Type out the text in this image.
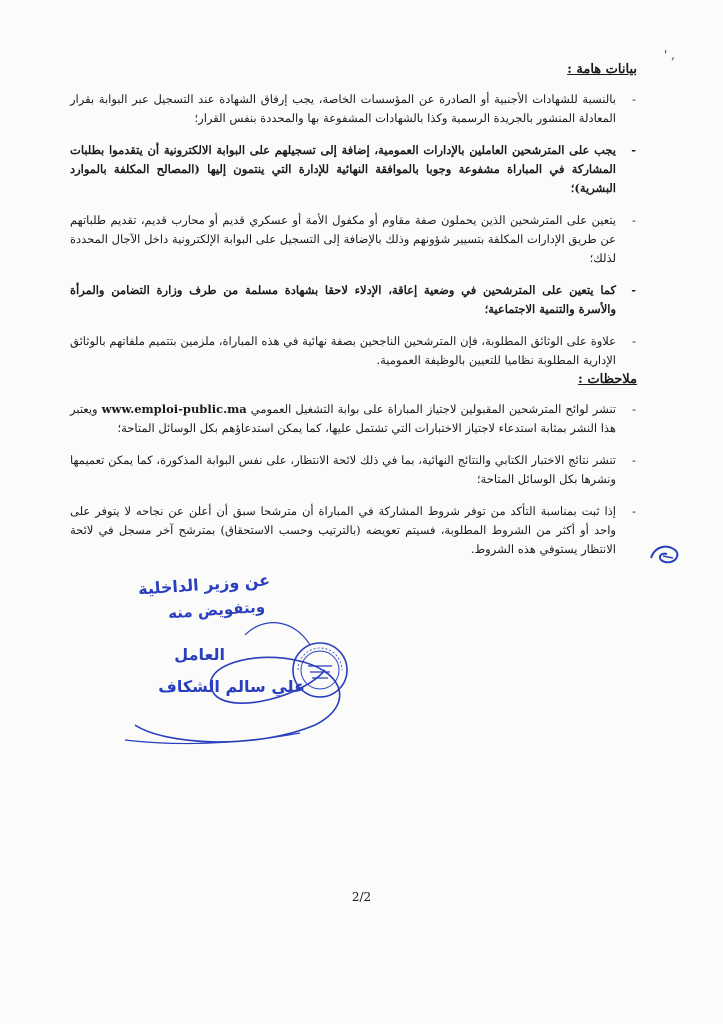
' ,
بيانات هامة :
- بالنسبة للشهادات الأجنبية أو الصادرة عن المؤسسات الخاصة، يجب إرفاق الشهادة عند التسجيل عبر البوابة بقرار المعادلة المنشور بالجريدة الرسمية وكذا بالشهادات المشفوعة بها والمحددة بنفس القرار؛
- يجب على المترشحين العاملين بالإدارات العمومية، إضافة إلى تسجيلهم على البوابة الالكترونية أن يتقدموا بطلبات المشاركة في المباراة مشفوعة وجوبا بالموافقة النهائية للإدارة التي ينتمون إليها (المصالح المكلفة بالموارد البشرية)؛
- يتعين على المترشحين الذين يحملون صفة مقاوم أو مكفول الأمة أو عسكري قديم أو محارب قديم، تقديم طلباتهم عن طريق الإدارات المكلفة بتسيير شؤونهم وذلك بالإضافة إلى التسجيل على البوابة الإلكترونية داخل الآجال المحددة لذلك؛
- كما يتعين على المترشحين في وضعية إعاقة، الإدلاء لاحقا بشهادة مسلمة من طرف وزارة التضامن والمرأة والأسرة والتنمية الاجتماعية؛
- علاوة على الوثائق المطلوبة، فإن المترشحين الناجحين بصفة نهائية في هذه المباراة، ملزمين بتتميم ملفاتهم بالوثائق الإدارية المطلوبة نظاميا للتعيين بالوظيفة العمومية.
ملاحظات :
- تنشر لوائح المترشحين المقبولين لاجتياز المباراة على بوابة التشغيل العمومي www.emploi-public.ma ويعتبر هذا النشر بمثابة استدعاء لاجتياز الاختبارات التي تشتمل عليها، كما يمكن استدعاؤهم بكل الوسائل المتاحة؛
- تنشر نتائج الاختبار الكتابي والنتائج النهائية، بما في ذلك لائحة الانتظار، على نفس البوابة المذكورة، كما يمكن تعميمها ونشرها بكل الوسائل المتاحة؛
- إذا ثبت بمناسبة التأكد من توفر شروط المشاركة في المباراة أن مترشحا سبق أن أعلن عن نجاحه لا يتوفر على واحد أو أكثر من الشروط المطلوبة، فسيتم تعويضه (بالترتيب وحسب الاستحقاق) بمترشح آخر مسجل في لائحة الانتظار يستوفي هذه الشروط.
عن وزير الداخلية
وبتفويض منه
العامل
علي سالم الشكاف
2/2
